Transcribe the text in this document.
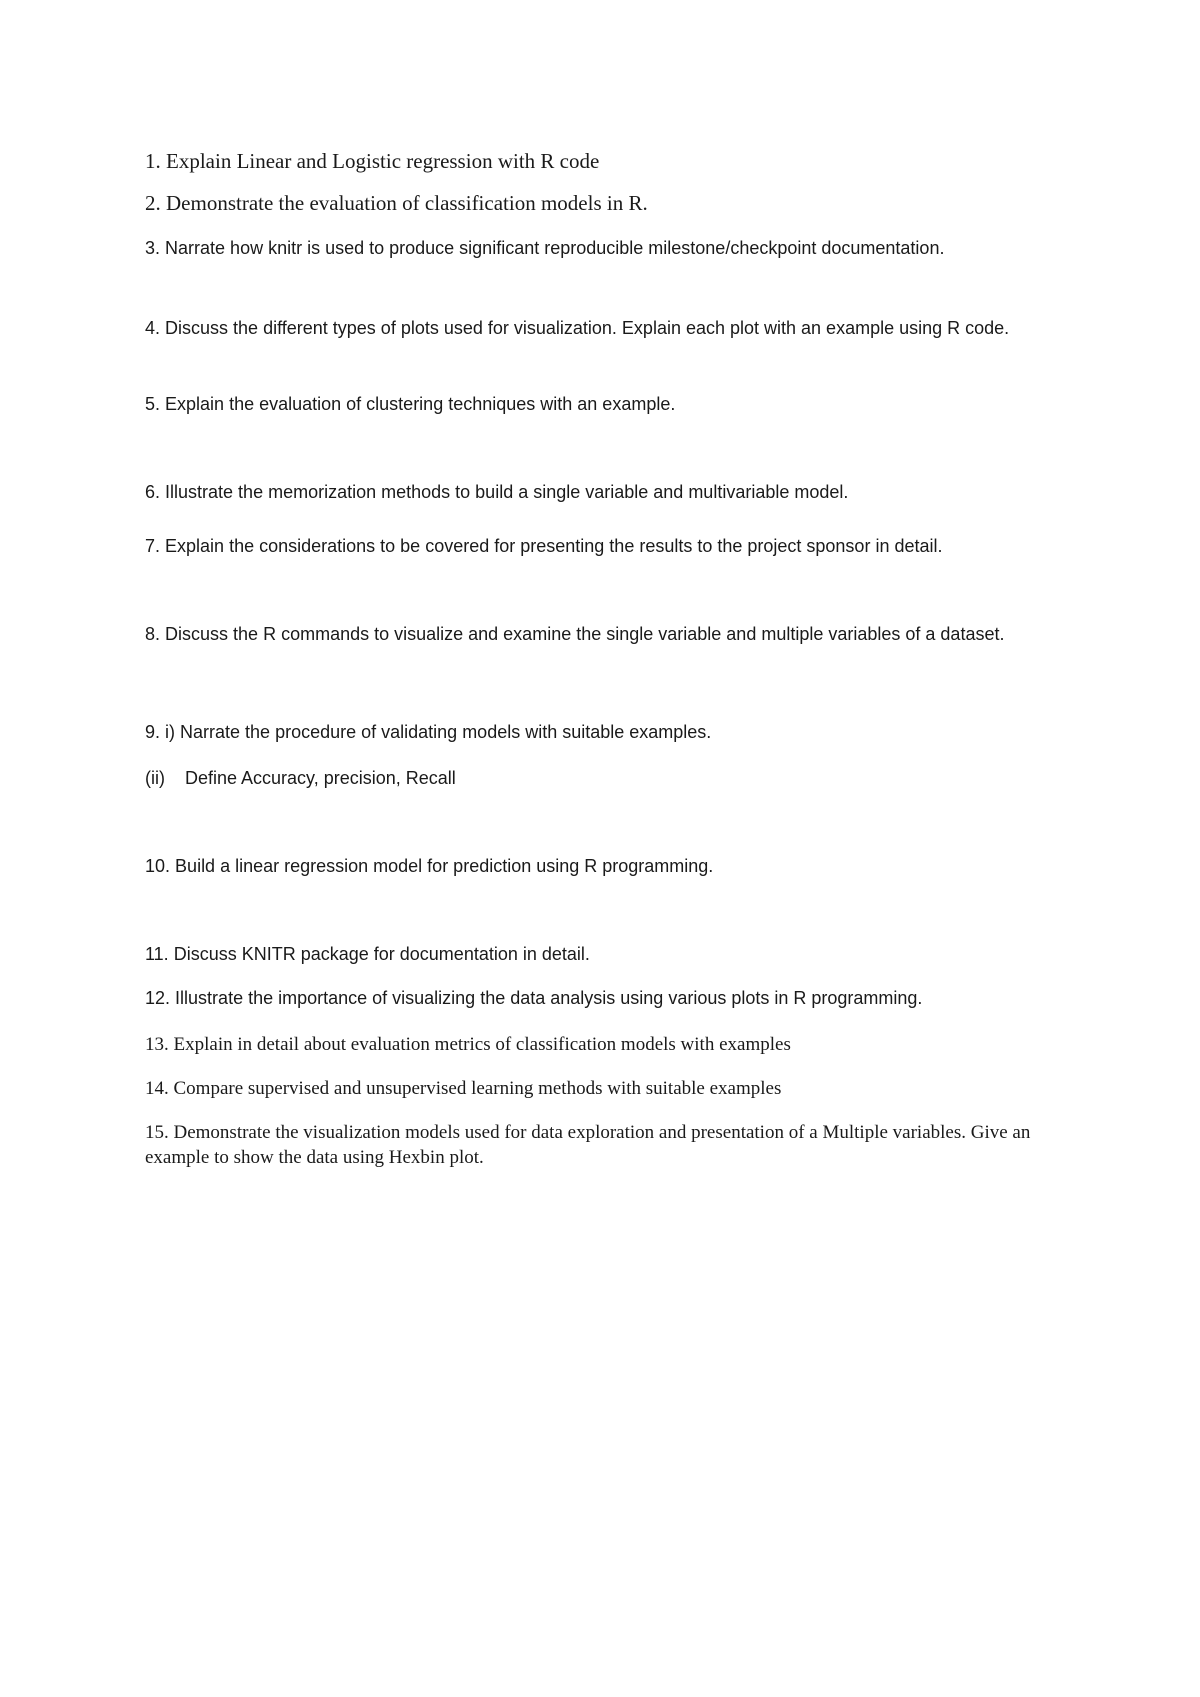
1. Explain Linear and Logistic regression with R code

2. Demonstrate the evaluation of classification models in R.

3. Narrate how knitr is used to produce significant reproducible milestone/checkpoint documentation.

4. Discuss the different types of plots used for visualization. Explain each plot with an example using R code.

5. Explain the evaluation of clustering techniques with an example.

6. Illustrate the memorization methods to build a single variable and multivariable model.

7. Explain the considerations to be covered for presenting the results to the project sponsor in detail.

8. Discuss the R commands to visualize and examine the single variable and multiple variables of a dataset.

9. i) Narrate the procedure of validating models with suitable examples.

(ii) Define Accuracy, precision, Recall

10. Build a linear regression model for prediction using R programming.

11. Discuss KNITR package for documentation in detail.

12. Illustrate the importance of visualizing the data analysis using various plots in R programming.

13. Explain in detail about evaluation metrics of classification models with examples

14. Compare supervised and unsupervised learning methods with suitable examples

15. Demonstrate the visualization models used for data exploration and presentation of a Multiple variables. Give an example to show the data using Hexbin plot.
